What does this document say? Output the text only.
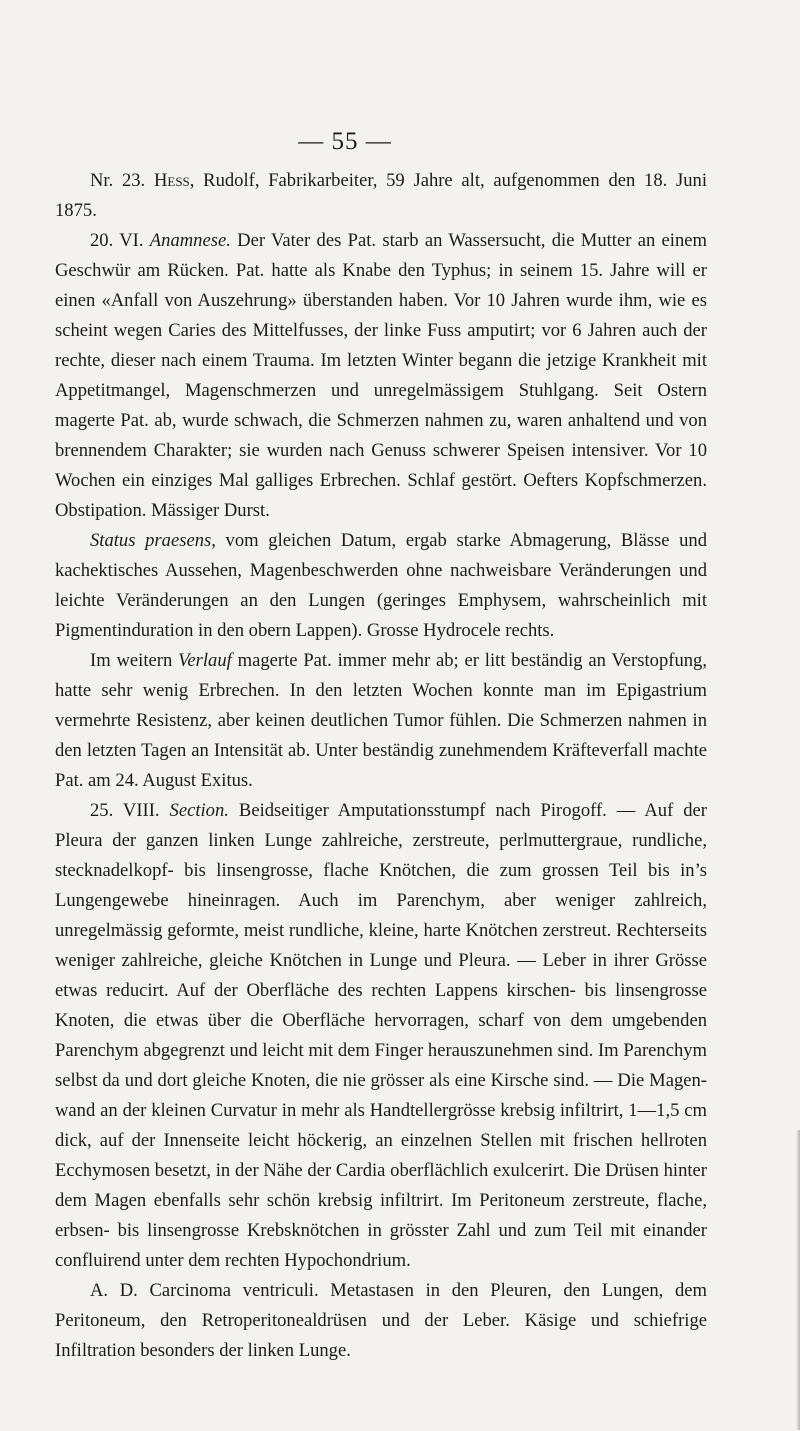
— 55 —

Nr. 23. Hess, Rudolf, Fabrikarbeiter, 59 Jahre alt, aufgenommen den 18. Juni 1875.

20. VI. Anamnese. Der Vater des Pat. starb an Wassersucht, die Mutter an einem Geschwür am Rücken. Pat. hatte als Knabe den Typhus; in seinem 15. Jahre will er einen «Anfall von Auszehrung» überstanden haben. Vor 10 Jahren wurde ihm, wie es scheint wegen Caries des Mittelfusses, der linke Fuss amputirt; vor 6 Jahren auch der rechte, dieser nach einem Trauma. Im letzten Winter begann die jetzige Krankheit mit Appetitmangel, Magenschmerzen und unregelmässigem Stuhlgang. Seit Ostern magerte Pat. ab, wurde schwach, die Schmerzen nahmen zu, waren anhaltend und von brennendem Charakter; sie wurden nach Genuss schwerer Speisen intensiver. Vor 10 Wochen ein einziges Mal galliges Erbrechen. Schlaf gestört. Oefters Kopfschmerzen. Obstipation. Mässiger Durst.

Status praesens, vom gleichen Datum, ergab starke Abmagerung, Blässe und kachektisches Aussehen, Magenbeschwerden ohne nachweisbare Veränderungen und leichte Veränderungen an den Lungen (geringes Emphysem, wahrscheinlich mit Pigmentinduration in den obern Lappen). Grosse Hydrocele rechts.

Im weitern Verlauf magerte Pat. immer mehr ab; er litt beständig an Verstopfung, hatte sehr wenig Erbrechen. In den letzten Wochen konnte man im Epigastrium vermehrte Resistenz, aber keinen deutlichen Tumor fühlen. Die Schmerzen nahmen in den letzten Tagen an Intensität ab. Unter beständig zunehmendem Kräfteverfall machte Pat. am 24. August Exitus.

25. VIII. Section. Beidseitiger Amputationsstumpf nach Pirogoff. — Auf der Pleura der ganzen linken Lunge zahlreiche, zerstreute, perlmuttergraue, rundliche, stecknadelkopf- bis linsengrosse, flache Knötchen, die zum grossen Teil bis in’s Lungengewebe hineinragen. Auch im Parenchym, aber weniger zahlreich, unregelmässig geformte, meist rundliche, kleine, harte Knötchen zerstreut. Rechterseits weniger zahlreiche, gleiche Knötchen in Lunge und Pleura. — Leber in ihrer Grösse etwas reducirt. Auf der Oberfläche des rechten Lappens kirschen- bis linsengrosse Knoten, die etwas über die Oberfläche hervorragen, scharf von dem umgebenden Parenchym abgegrenzt und leicht mit dem Finger herauszunehmen sind. Im Parenchym selbst da und dort gleiche Knoten, die nie grösser als eine Kirsche sind. — Die Magenwand an der kleinen Curvatur in mehr als Handtellergrösse krebsig infiltrirt, 1—1,5 cm dick, auf der Innenseite leicht höckerig, an einzelnen Stellen mit frischen hellroten Ecchymosen besetzt, in der Nähe der Cardia oberflächlich exulcerirt. Die Drüsen hinter dem Magen ebenfalls sehr schön krebsig infiltrirt. Im Peritoneum zerstreute, flache, erbsen- bis linsengrosse Krebsknötchen in grösster Zahl und zum Teil mit einander confluirend unter dem rechten Hypochondrium.

A. D. Carcinoma ventriculi. Metastasen in den Pleuren, den Lungen, dem Peritoneum, den Retroperitonealdrüsen und der Leber. Käsige und schiefrige Infiltration besonders der linken Lunge.
